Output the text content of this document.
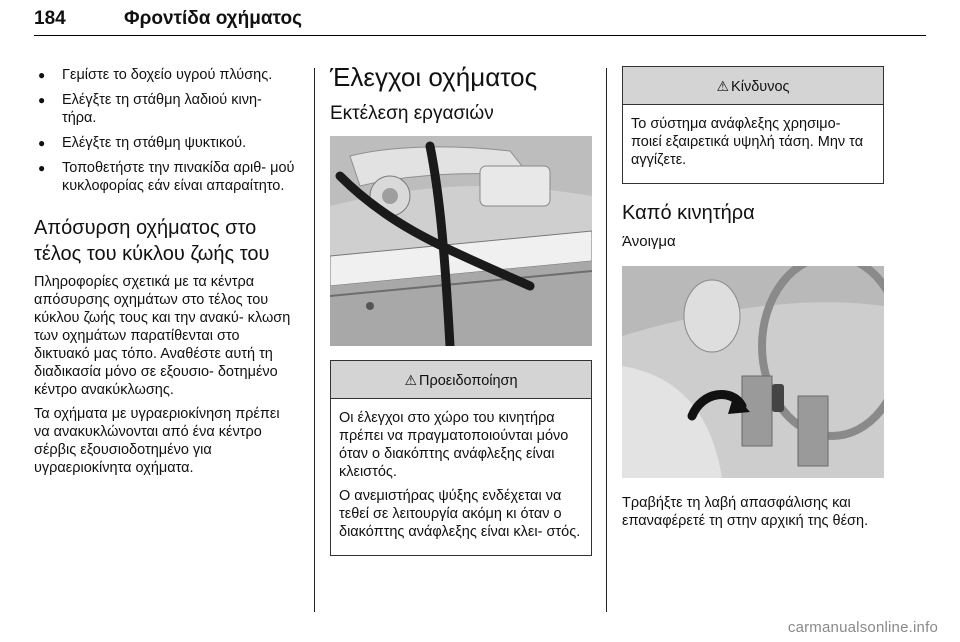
184	Φροντίδα οχήματος
● Γεμίστε το δοχείο υγρού πλύσης.
● Ελέγξτε τη στάθμη λαδιού κινη‐ τήρα.
● Ελέγξτε τη στάθμη ψυκτικού.
● Τοποθετήστε την πινακίδα αριθ‐ μού κυκλοφορίας εάν είναι απαραίτητο.
Απόσυρση οχήματος στο τέλος του κύκλου ζωής του

Πληροφορίες σχετικά με τα κέντρα απόσυρσης οχημάτων στο τέλος του κύκλου ζωής τους και την ανακύ‐ κλωση των οχημάτων παρατίθενται στο δικτυακό μας τόπο. Αναθέστε αυτή τη διαδικασία μόνο σε εξουσιο‐ δοτημένο κέντρο ανακύκλωσης.

Τα οχήματα με υγραεριοκίνηση πρέπει να ανακυκλώνονται από ένα κέντρο σέρβις εξουσιοδοτημένο για υγραεριοκίνητα οχήματα.

Έλεγχοι οχήματος
Εκτέλεση εργασιών
⚠ Προειδοποίηση

Οι έλεγχοι στο χώρο του κινητήρα πρέπει να πραγματοποιούνται μόνο όταν ο διακόπτης ανάφλεξης είναι κλειστός.

Ο ανεμιστήρας ψύξης ενδέχεται να τεθεί σε λειτουργία ακόμη κι όταν ο διακόπτης ανάφλεξης είναι κλει‐ στός.

⚠ Κίνδυνος

Το σύστημα ανάφλεξης χρησιμο‐ ποιεί εξαιρετικά υψηλή τάση. Μην τα αγγίζετε.

Καπό κινητήρα
Άνοιγμα

Τραβήξτε τη λαβή απασφάλισης και επαναφέρετέ τη στην αρχική της θέση.

carmanualsonline.info
